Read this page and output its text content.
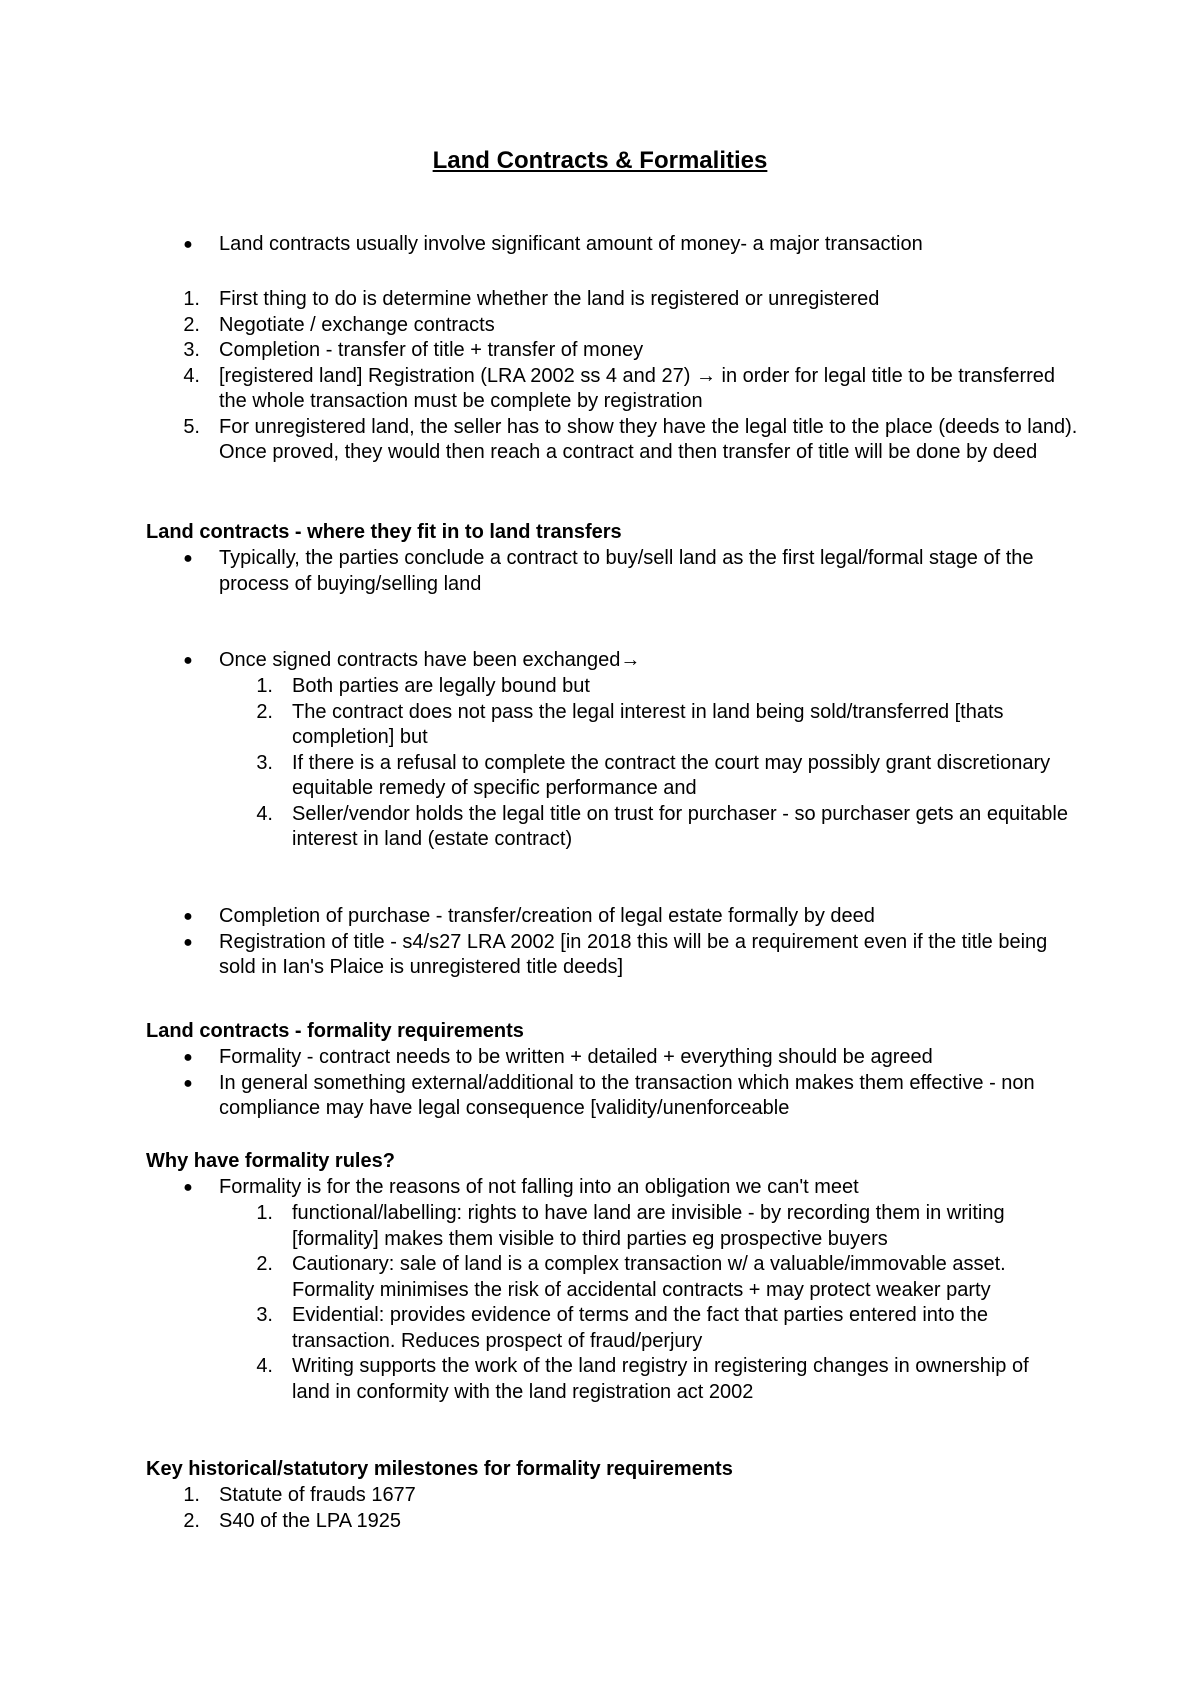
Land Contracts & Formalities
● Land contracts usually involve significant amount of money- a major transaction
1. First thing to do is determine whether the land is registered or unregistered
2. Negotiate / exchange contracts
3. Completion - transfer of title + transfer of money
4. [registered land] Registration (LRA 2002 ss 4 and 27) → in order for legal title to be transferred the whole transaction must be complete by registration
5. For unregistered land, the seller has to show they have the legal title to the place (deeds to land). Once proved, they would then reach a contract and then transfer of title will be done by deed
Land contracts - where they fit in to land transfers
● Typically, the parties conclude a contract to buy/sell land as the first legal/formal stage of the process of buying/selling land
● Once signed contracts have been exchanged→
1. Both parties are legally bound but
2. The contract does not pass the legal interest in land being sold/transferred [thats completion] but
3. If there is a refusal to complete the contract the court may possibly grant discretionary equitable remedy of specific performance and
4. Seller/vendor holds the legal title on trust for purchaser - so purchaser gets an equitable interest in land (estate contract)
● Completion of purchase - transfer/creation of legal estate formally by deed
● Registration of title - s4/s27 LRA 2002 [in 2018 this will be a requirement even if the title being sold in Ian's Plaice is unregistered title deeds]
Land contracts - formality requirements
● Formality - contract needs to be written + detailed + everything should be agreed
● In general something external/additional to the transaction which makes them effective - non compliance may have legal consequence [validity/unenforceable
Why have formality rules?
● Formality is for the reasons of not falling into an obligation we can't meet
1. functional/labelling: rights to have land are invisible - by recording them in writing [formality] makes them visible to third parties eg prospective buyers
2. Cautionary: sale of land is a complex transaction w/ a valuable/immovable asset. Formality minimises the risk of accidental contracts + may protect weaker party
3. Evidential: provides evidence of terms and the fact that parties entered into the transaction. Reduces prospect of fraud/perjury
4. Writing supports the work of the land registry in registering changes in ownership of land in conformity with the land registration act 2002
Key historical/statutory milestones for formality requirements
1. Statute of frauds 1677
2. S40 of the LPA 1925
